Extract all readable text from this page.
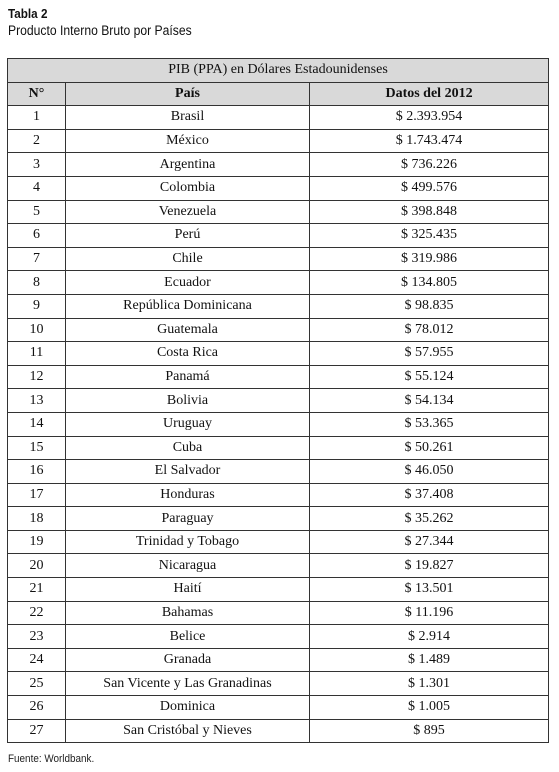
Tabla 2
Producto Interno Bruto por Países
PIB (PPA) en Dólares Estadounidenses		
N°	País	Datos del 2012
1	Brasil	$ 2.393.954
2	México	$ 1.743.474
3	Argentina	$ 736.226
4	Colombia	$ 499.576
5	Venezuela	$ 398.848
6	Perú	$ 325.435
7	Chile	$ 319.986
8	Ecuador	$ 134.805
9	República Dominicana	$ 98.835
10	Guatemala	$ 78.012
11	Costa Rica	$ 57.955
12	Panamá	$ 55.124
13	Bolivia	$ 54.134
14	Uruguay	$ 53.365
15	Cuba	$ 50.261
16	El Salvador	$ 46.050
17	Honduras	$ 37.408
18	Paraguay	$ 35.262
19	Trinidad y Tobago	$ 27.344
20	Nicaragua	$ 19.827
21	Haití	$ 13.501
22	Bahamas	$ 11.196
23	Belice	$ 2.914
24	Granada	$ 1.489
25	San Vicente y Las Granadinas	$ 1.301
26	Dominica	$ 1.005
27	San Cristóbal y Nieves	$ 895
Fuente: Worldbank.
